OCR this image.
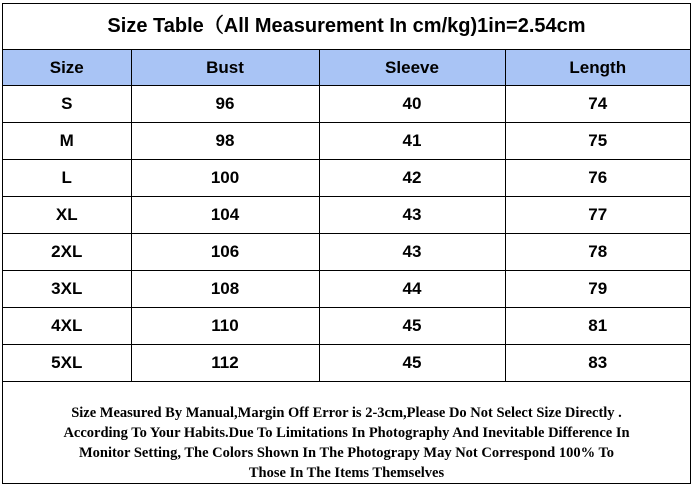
Size Table（All Measurement In cm/kg)1in=2.54cm
Size	Bust	Sleeve	Length
S	96	40	74
M	98	41	75
L	100	42	76
XL	104	43	77
2XL	106	43	78
3XL	108	44	79
4XL	110	45	81
5XL	112	45	83
Size Measured By Manual,Margin Off Error is 2-3cm,Please Do Not Select Size Directly .
According To Your Habits.Due To Limitations In Photography And Inevitable Difference In
Monitor Setting, The Colors Shown In The Photograpy May Not Correspond 100% To
Those In The Items Themselves
